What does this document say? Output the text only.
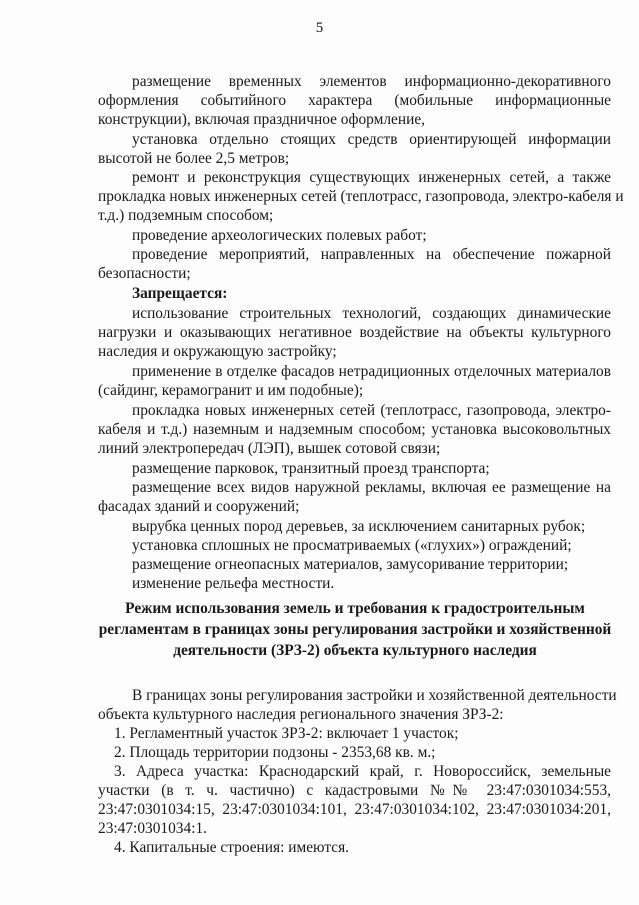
5
размещение временных элементов информационно-декоративного
оформления событийного характера (мобильные информационные
конструкции), включая праздничное оформление,
установка отдельно стоящих средств ориентирующей информации
высотой не более 2,5 метров;
ремонт и реконструкция существующих инженерных сетей, а также
прокладка новых инженерных сетей (теплотрасс, газопровода, электро-кабеля и
т.д.) подземным способом;
проведение археологических полевых работ;
проведение мероприятий, направленных на обеспечение пожарной
безопасности;
Запрещается:
использование строительных технологий, создающих динамические
нагрузки и оказывающих негативное воздействие на объекты культурного
наследия и окружающую застройку;
применение в отделке фасадов нетрадиционных отделочных материалов
(сайдинг, керамогранит и им подобные);
прокладка новых инженерных сетей (теплотрасс, газопровода, электро-
кабеля и т.д.) наземным и надземным способом; установка высоковольтных
линий электропередач (ЛЭП), вышек сотовой связи;
размещение парковок, транзитный проезд транспорта;
размещение всех видов наружной рекламы, включая ее размещение на
фасадах зданий и сооружений;
вырубка ценных пород деревьев, за исключением санитарных рубок;
установка сплошных не просматриваемых («глухих») ограждений;
размещение огнеопасных материалов, замусоривание территории;
изменение рельефа местности.
Режим использования земель и требования к градостроительным
регламентам в границах зоны регулирования застройки и хозяйственной
деятельности (ЗРЗ-2) объекта культурного наследия
В границах зоны регулирования застройки и хозяйственной деятельности
объекта культурного наследия регионального значения ЗРЗ-2:
1. Регламентный участок ЗРЗ-2: включает 1 участок;
2. Площадь территории подзоны - 2353,68 кв. м.;
3. Адреса участка: Краснодарский край, г. Новороссийск, земельные
участки (в т. ч. частично) с кадастровыми №№ 23:47:0301034:553,
23:47:0301034:15, 23:47:0301034:101, 23:47:0301034:102, 23:47:0301034:201,
23:47:0301034:1.
4. Капитальные строения: имеются.
